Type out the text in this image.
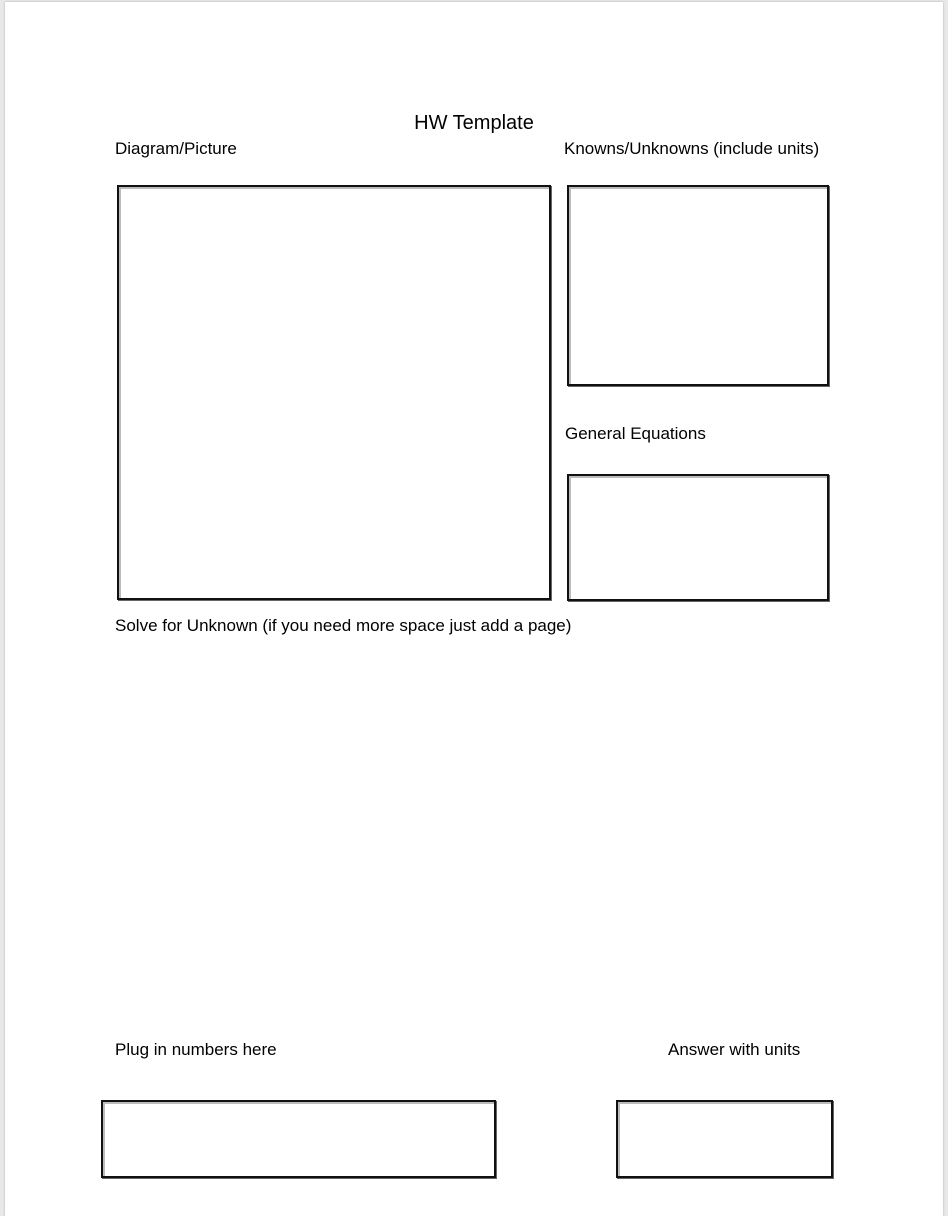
HW Template
Diagram/Picture	Knowns/Unknowns (include units)
General Equations
Solve for Unknown (if you need more space just add a page)
Plug in numbers here	Answer with units
